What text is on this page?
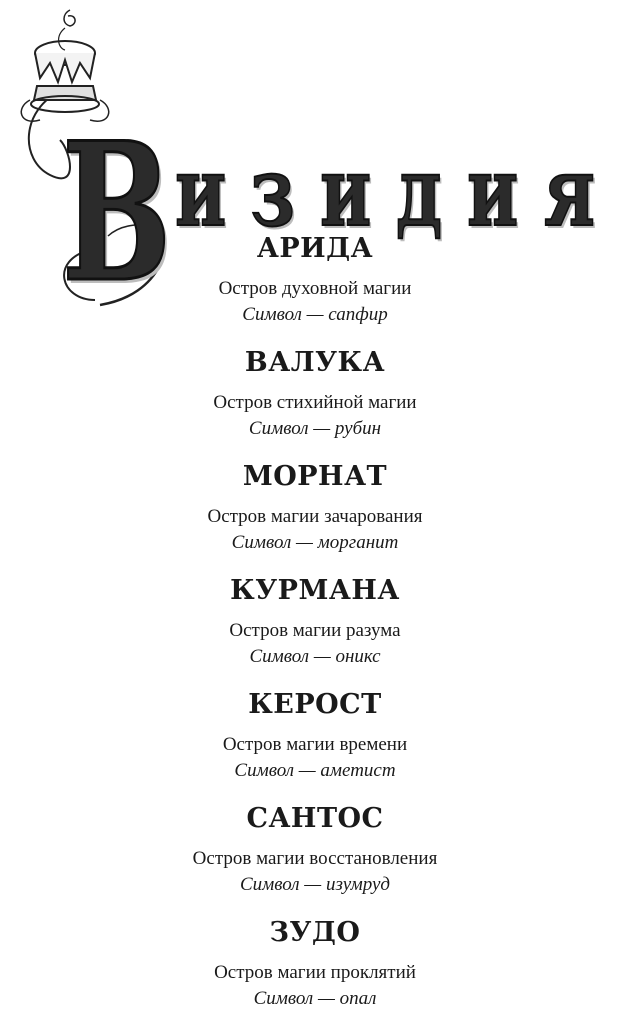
В и з и д и я
АРИДА
Остров духовной магии
Символ — сапфир
ВАЛУКА
Остров стихийной магии
Символ — рубин
МОРНАТ
Остров магии зачарования
Символ — морганит
КУРМАНА
Остров магии разума
Символ — оникс
КЕРОСТ
Остров магии времени
Символ — аметист
САНТОС
Остров магии восстановления
Символ — изумруд
ЗУДО
Остров магии проклятий
Символ — опал
